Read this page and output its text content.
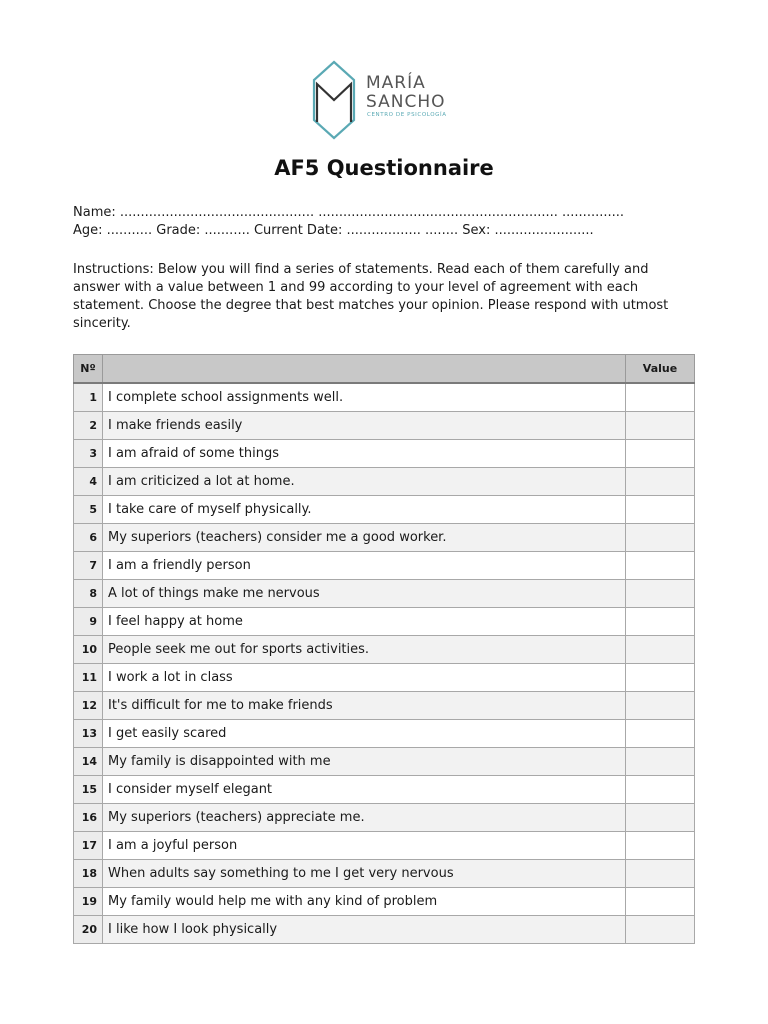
MARÍA
SANCHO
CENTRO DE PSICOLOGÍA
AF5 Questionnaire
Name: ............................................... .......................................................... ...............
Age: ........... Grade: ........... Current Date: .................. ........ Sex: ........................
Instructions: Below you will find a series of statements. Read each of them carefully and answer with a value between 1 and 99 according to your level of agreement with each statement. Choose the degree that best matches your opinion. Please respond with utmost sincerity.
Nº		Value
1	I complete school assignments well.	
2	I make friends easily	
3	I am afraid of some things	
4	I am criticized a lot at home.	
5	I take care of myself physically.	
6	My superiors (teachers) consider me a good worker.	
7	I am a friendly person	
8	A lot of things make me nervous	
9	I feel happy at home	
10	People seek me out for sports activities.	
11	I work a lot in class	
12	It's difficult for me to make friends	
13	I get easily scared	
14	My family is disappointed with me	
15	I consider myself elegant	
16	My superiors (teachers) appreciate me.	
17	I am a joyful person	
18	When adults say something to me I get very nervous	
19	My family would help me with any kind of problem	
20	I like how I look physically	
